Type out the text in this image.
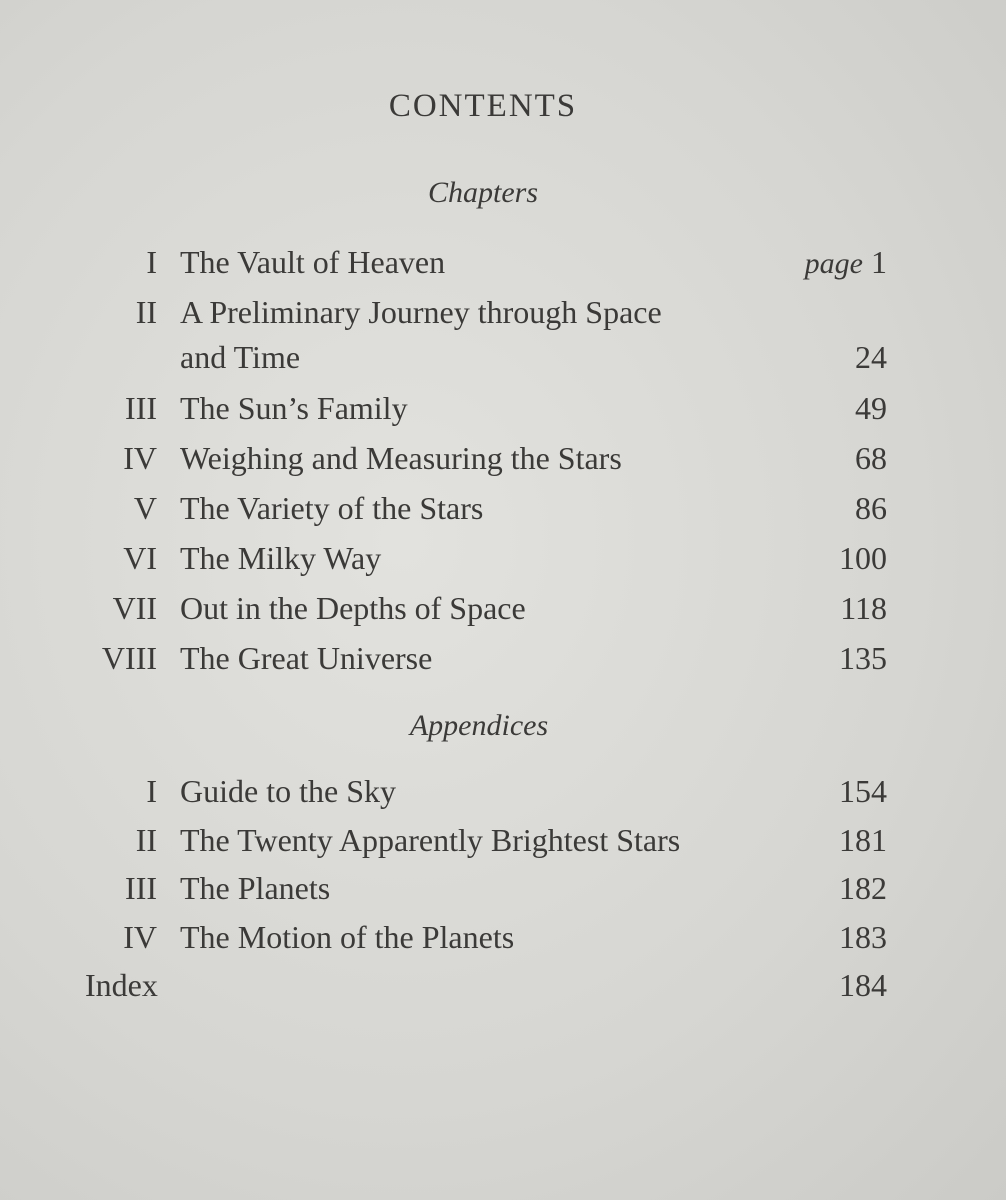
CONTENTS
Chapters
Appendices
I The Vault of Heaven	page 1
II A Preliminary Journey through Space
and Time	24
III The Sun’s Family	49
IV Weighing and Measuring the Stars	68
V The Variety of the Stars	86
VI The Milky Way	100
VII Out in the Depths of Space	118
VIII The Great Universe	135
I Guide to the Sky	154
II The Twenty Apparently Brightest Stars	181
III The Planets	182
IV The Motion of the Planets	183
Index	184
